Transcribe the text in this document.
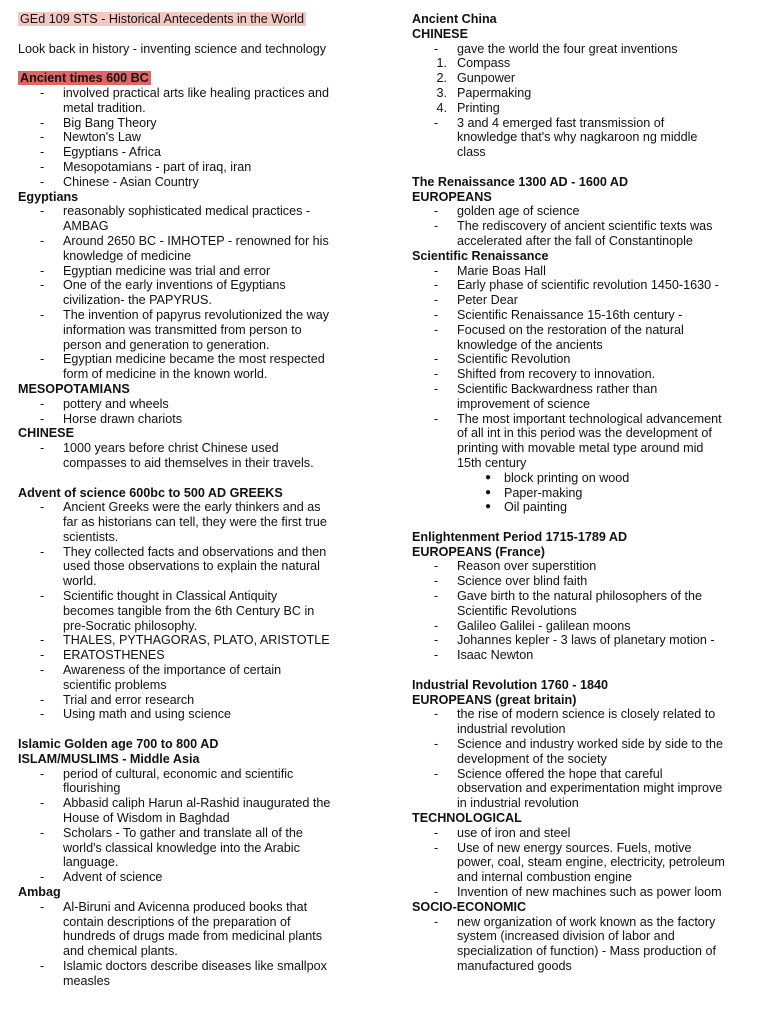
GEd 109 STS - Historical Antecedents in the World
Look back in history - inventing science and technology
Ancient times 600 BC
-	involved practical arts like healing practices and
metal tradition.
-	Big Bang Theory
-	Newton's Law
-	Egyptians - Africa
-	Mesopotamians - part of iraq, iran
-	Chinese - Asian Country
Egyptians
-	reasonably sophisticated medical practices -
AMBAG
-	Around 2650 BC - IMHOTEP - renowned for his
knowledge of medicine
-	Egyptian medicine was trial and error
-	One of the early inventions of Egyptians
civilization- the PAPYRUS.
-	The invention of papyrus revolutionized the way
information was transmitted from person to
person and generation to generation.
-	Egyptian medicine became the most respected
form of medicine in the known world.
MESOPOTAMIANS
-	pottery and wheels
-	Horse drawn chariots
CHINESE
-	1000 years before christ Chinese used
compasses to aid themselves in their travels.
Advent of science 600bc to 500 AD GREEKS
-	Ancient Greeks were the early thinkers and as
far as historians can tell, they were the first true
scientists.
-	They collected facts and observations and then
used those observations to explain the natural
world.
-	Scientific thought in Classical Antiquity
becomes tangible from the 6th Century BC in
pre-Socratic philosophy.
-	THALES, PYTHAGORAS, PLATO, ARISTOTLE
-	ERATOSTHENES
-	Awareness of the importance of certain
scientific problems
-	Trial and error research
-	Using math and using science
Islamic Golden age 700 to 800 AD
ISLAM/MUSLIMS - Middle Asia
-	period of cultural, economic and scientific
flourishing
-	Abbasid caliph Harun al-Rashid inaugurated the
House of Wisdom in Baghdad
-	Scholars - To gather and translate all of the
world's classical knowledge into the Arabic
language.
-	Advent of science
Ambag
-	Al-Biruni and Avicenna produced books that
contain descriptions of the preparation of
hundreds of drugs made from medicinal plants
and chemical plants.
-	Islamic doctors describe diseases like smallpox
measles
Ancient China
CHINESE
-	gave the world the four great inventions
1. Compass
2. Gunpower
3. Papermaking
4. Printing
-	3 and 4 emerged fast transmission of
knowledge that's why nagkaroon ng middle
class
The Renaissance 1300 AD - 1600 AD
EUROPEANS
-	golden age of science
-	The rediscovery of ancient scientific texts was
accelerated after the fall of Constantinople
Scientific Renaissance
-	Marie Boas Hall
-	Early phase of scientific revolution 1450-1630 -
-	Peter Dear
-	Scientific Renaissance 15-16th century -
-	Focused on the restoration of the natural
knowledge of the ancients
-	Scientific Revolution
-	Shifted from recovery to innovation.
-	Scientific Backwardness rather than
improvement of science
-	The most important technological advancement
of all int in this period was the development of
printing with movable metal type around mid
15th century
●	block printing on wood
●	Paper-making
●	Oil painting
Enlightenment Period 1715-1789 AD
EUROPEANS (France)
-	Reason over superstition
-	Science over blind faith
-	Gave birth to the natural philosophers of the
Scientific Revolutions
-	Galileo Galilei - galilean moons
-	Johannes kepler - 3 laws of planetary motion -
-	Isaac Newton
Industrial Revolution 1760 - 1840
EUROPEANS (great britain)
-	the rise of modern science is closely related to
industrial revolution
-	Science and industry worked side by side to the
development of the society
-	Science offered the hope that careful
observation and experimentation might improve
in industrial revolution
TECHNOLOGICAL
-	use of iron and steel
-	Use of new energy sources. Fuels, motive
power, coal, steam engine, electricity, petroleum
and internal combustion engine
-	Invention of new machines such as power loom
SOCIO-ECONOMIC
-	new organization of work known as the factory
system (increased division of labor and
specialization of function) - Mass production of
manufactured goods
